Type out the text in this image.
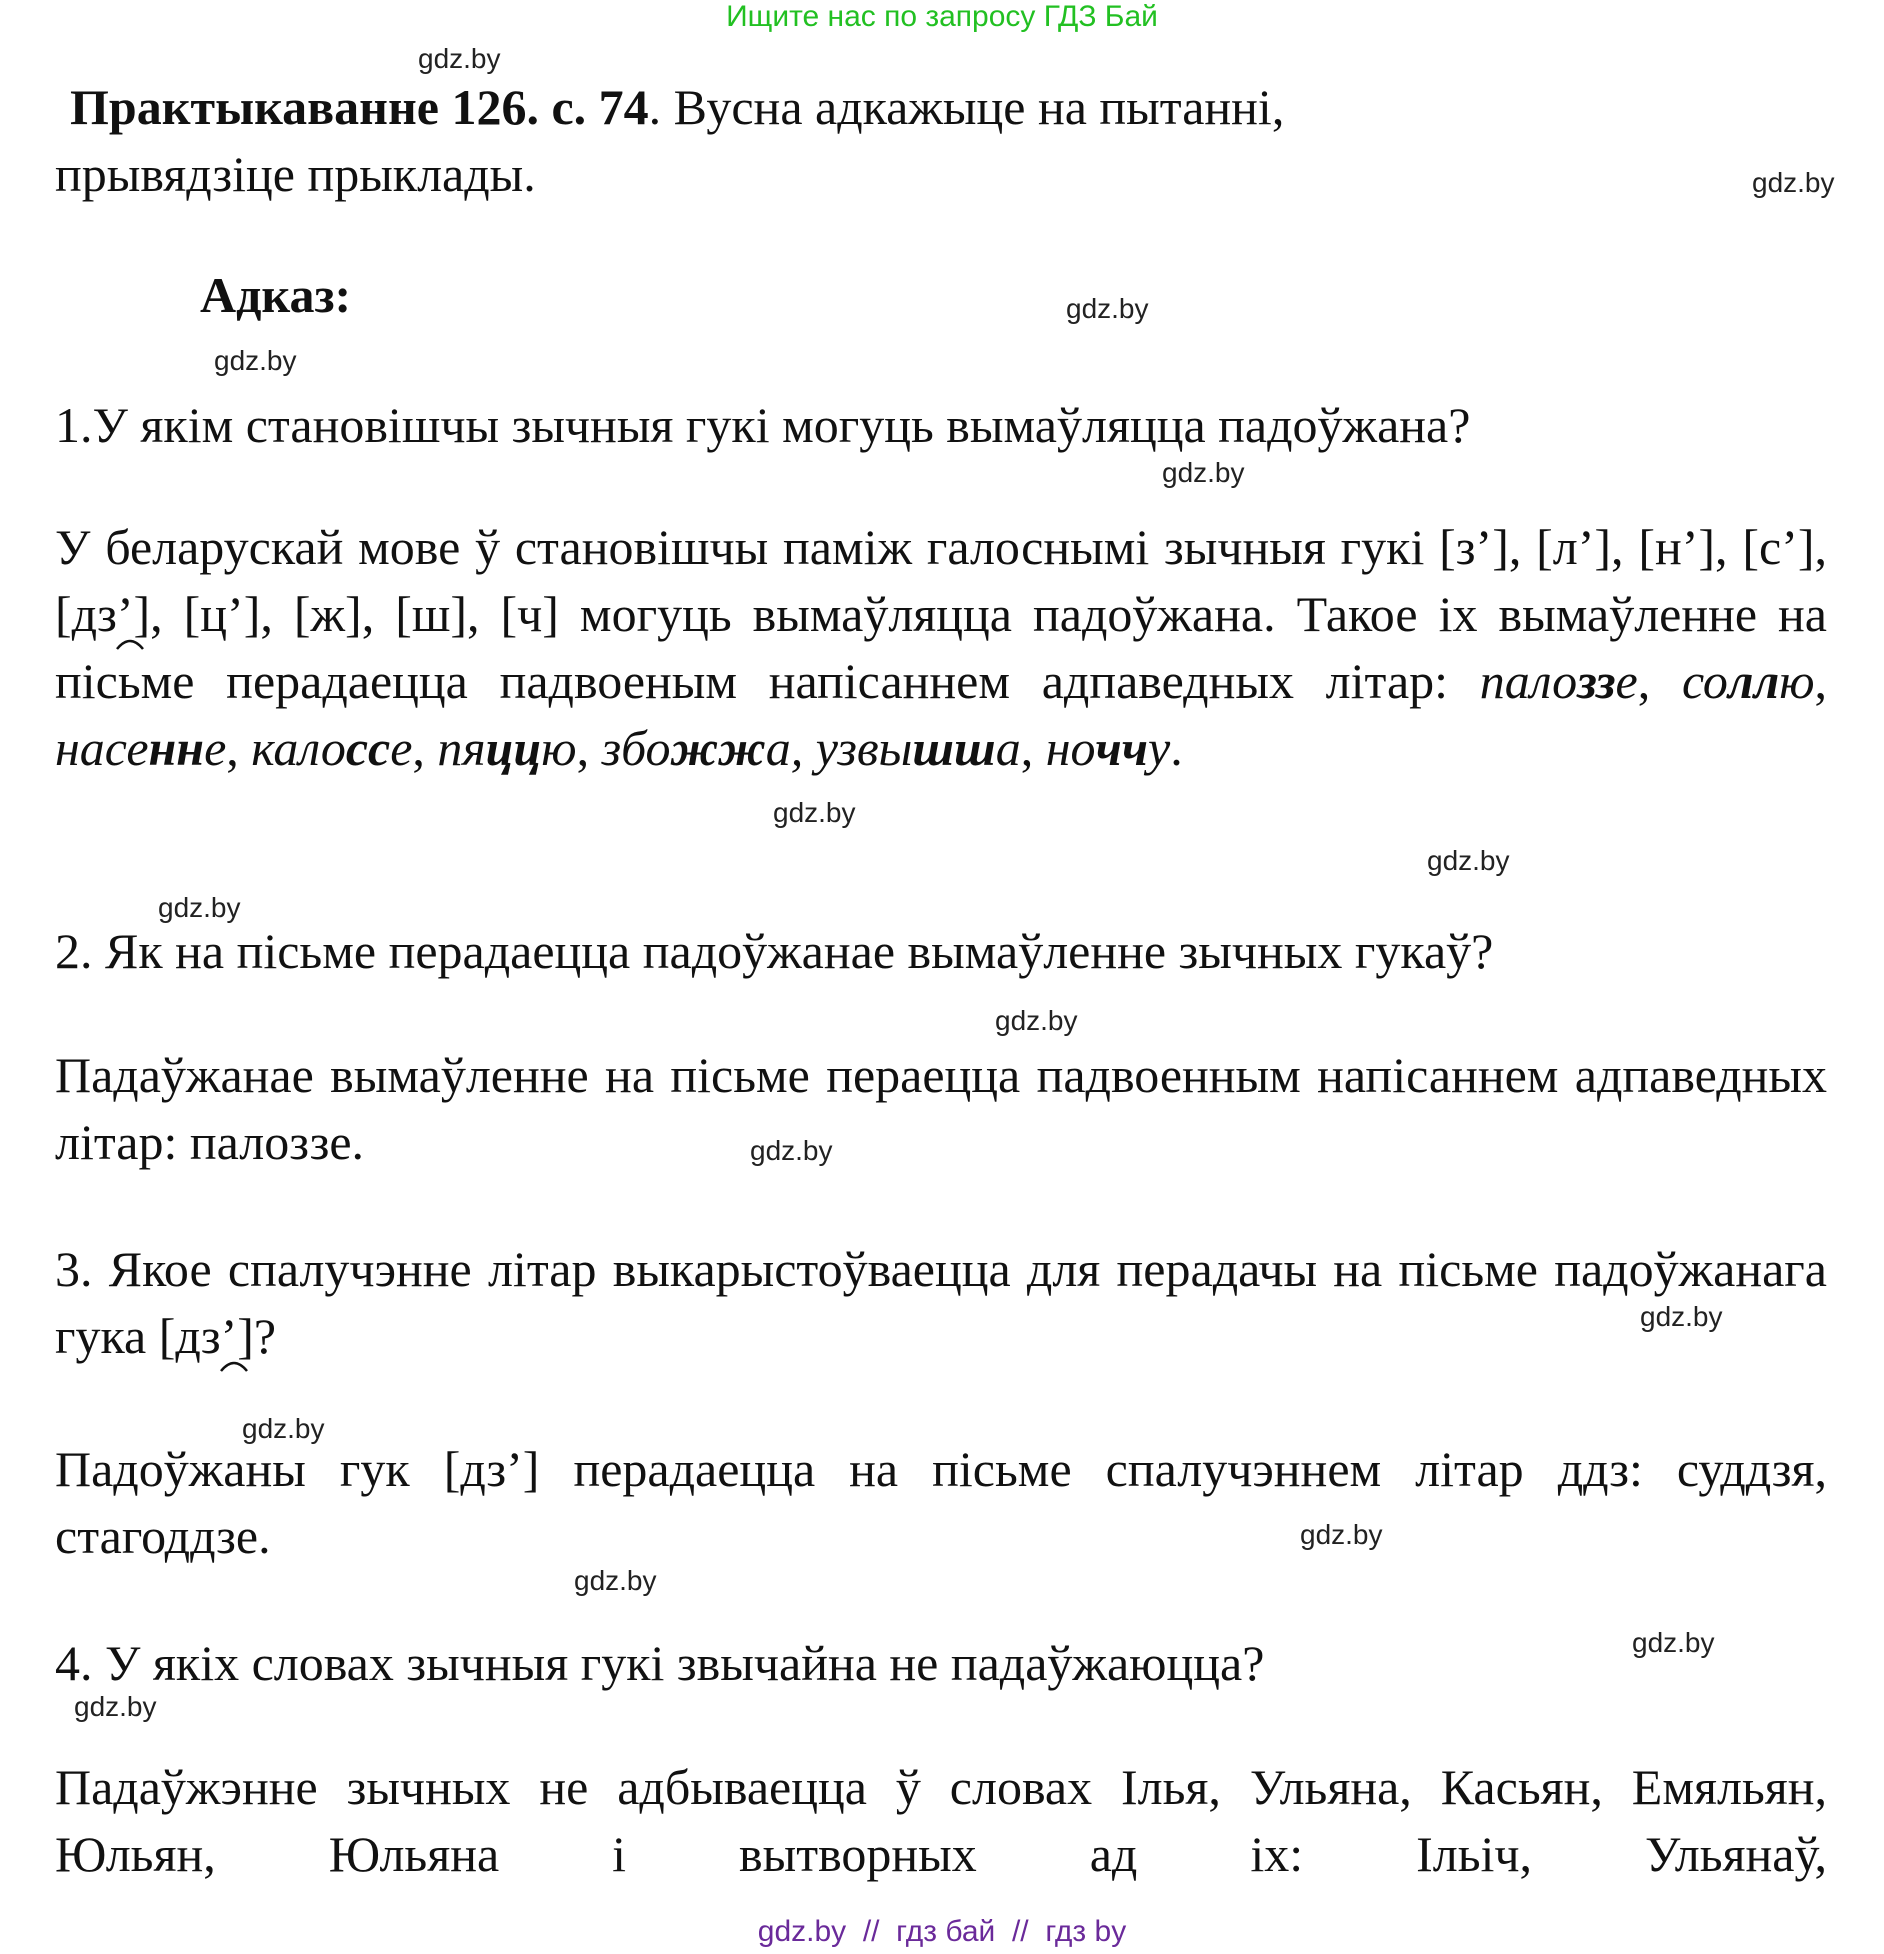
Ищите нас по запросу ГДЗ Бай
gdz.by
gdz.by
gdz.by
gdz.by
gdz.by
gdz.by
gdz.by
gdz.by
gdz.by
gdz.by
gdz.by
gdz.by
gdz.by
gdz.by
gdz.by
gdz.by
Практыкаванне 126. с. 74. Вусна адкажыце на пытанні,
прывядзіце прыклады.
Адказ:
1.У якім становішчы зычныя гукі могуць вымаўляцца падоўжана?

У беларускай мове ў становішчы паміж галоснымі зычныя гукі [з’], [л’], [н’], [с’], [д
з’], [ц’], [ж], [ш], [ч] могуць вымаўляцца падоўжана. Такое іх вымаўленне на пісьме перадаецца падвоеным напісаннем адпаведных літар: палоззе, соллю, насенне, калоссе, пяццю, збожжа, узвышша, ноччу.

2. Як на пісьме перадаецца падоўжанае вымаўленне зычных гукаў?
Падаўжанае вымаўленне на пісьме пераецца падвоенным напісаннем адпаведных літар: палоззе.

3. Якое спалучэнне літар выкарыстоўваецца для перадачы на пісьме падоўжанага гука [д
з’]?

Падоўжаны гук [дз’] перадаецца на пісьме спалучэннем літар ддз: суддзя, стагоддзе.
4. У якіх словах зычныя гукі звычайна не падаўжаюцца?
Падаўжэнне зычных не адбываецца ў словах Ілья, Ульяна, Касьян, Емяльян, Юльян, Юльяна і вытворных ад іх: Ільіч, Ульянаў,
gdz.by  //  гдз бай  //  гдз by
